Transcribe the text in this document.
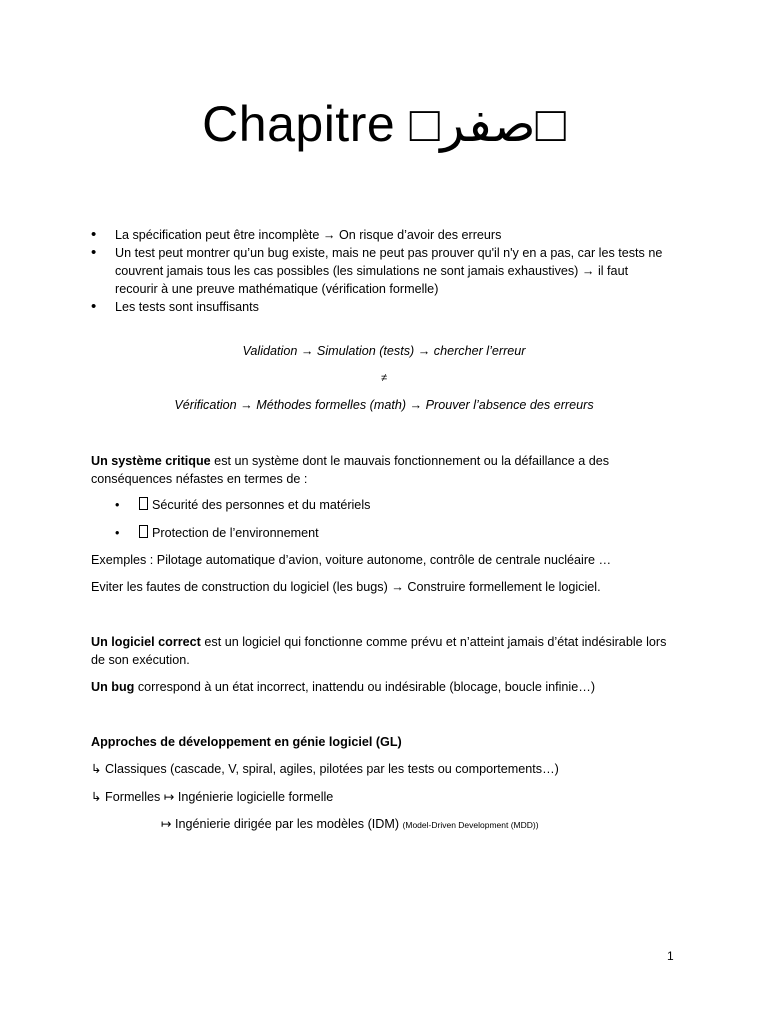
Chapitre □صفر□
• La spécification peut être incomplète → On risque d’avoir des erreurs
• Un test peut montrer qu’un bug existe, mais ne peut pas prouver qu'il n'y en a pas, car les tests ne couvrent jamais tous les cas possibles (les simulations ne sont jamais exhaustives) → il faut recourir à une preuve mathématique (vérification formelle)
• Les tests sont insuffisants
Validation → Simulation (tests) → chercher l’erreur
≠
Vérification → Méthodes formelles (math) → Prouver l’absence des erreurs
Un système critique est un système dont le mauvais fonctionnement ou la défaillance a des conséquences néfastes en termes de :
•	Sécurité des personnes et du matériels
•	Protection de l’environnement
Exemples : Pilotage automatique d’avion, voiture autonome, contrôle de centrale nucléaire …
Eviter les fautes de construction du logiciel (les bugs) → Construire formellement le logiciel.
Un logiciel correct est un logiciel qui fonctionne comme prévu et n’atteint jamais d’état indésirable lors de son exécution.
Un bug correspond à un état incorrect, inattendu ou indésirable (blocage, boucle infinie…)
Approches de développement en génie logiciel (GL)
↳ Classiques (cascade, V, spiral, agiles, pilotées par les tests ou comportements…)
↳ Formelles ↦ Ingénierie logicielle formelle
↦ Ingénierie dirigée par les modèles (IDM) (Model-Driven Development (MDD))
1
